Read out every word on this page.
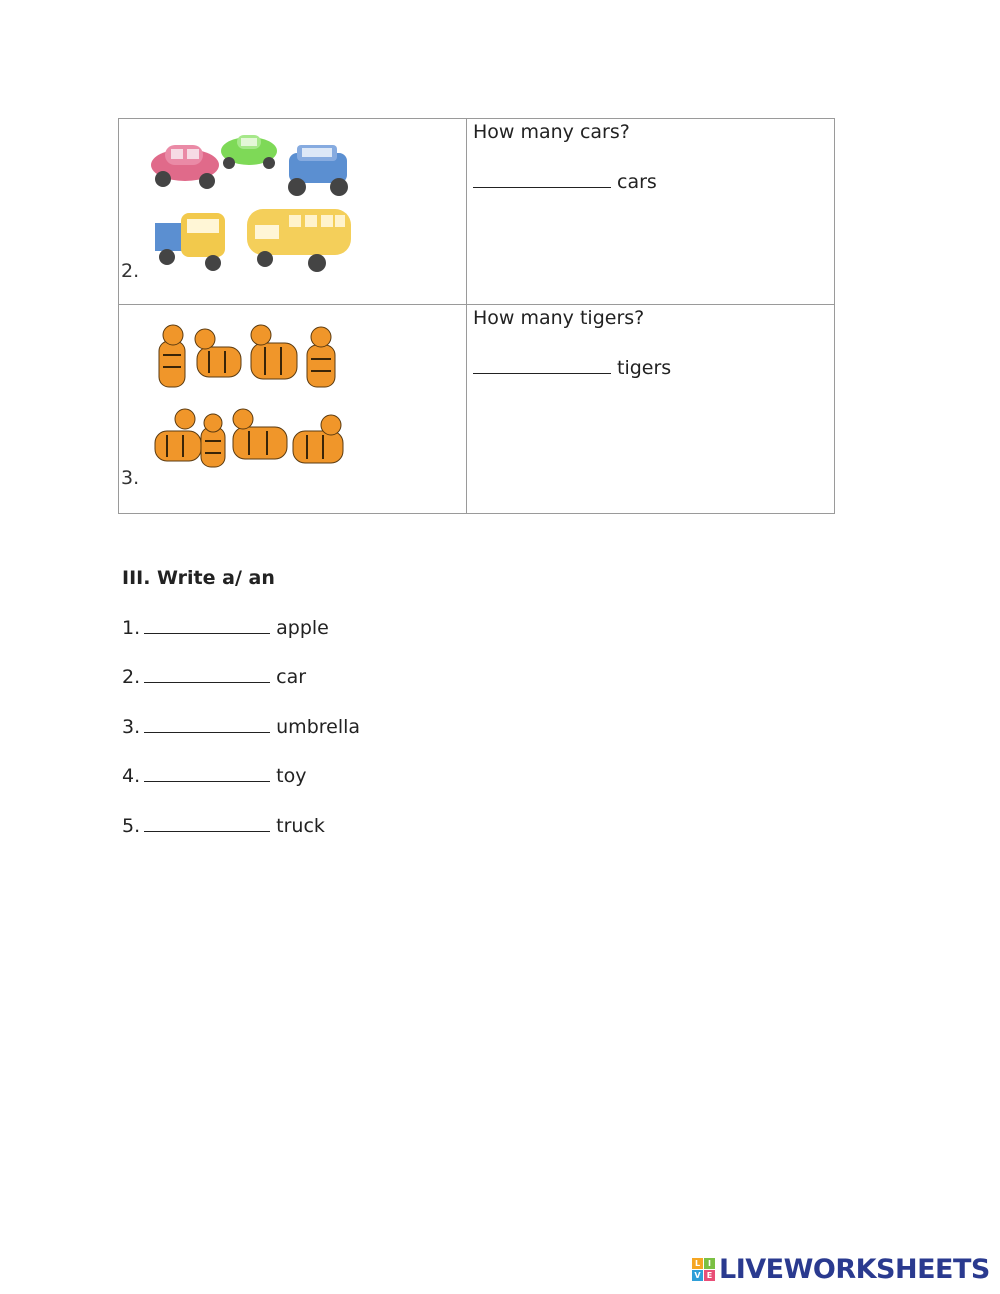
2.	How many cars?
cars

3.	How many tigers?
tigers
III. Write a/ an
1.	apple
2.	car
3.	umbrella
4.	toy
5.	truck
L I
V E LIVEWORKSHEETS
